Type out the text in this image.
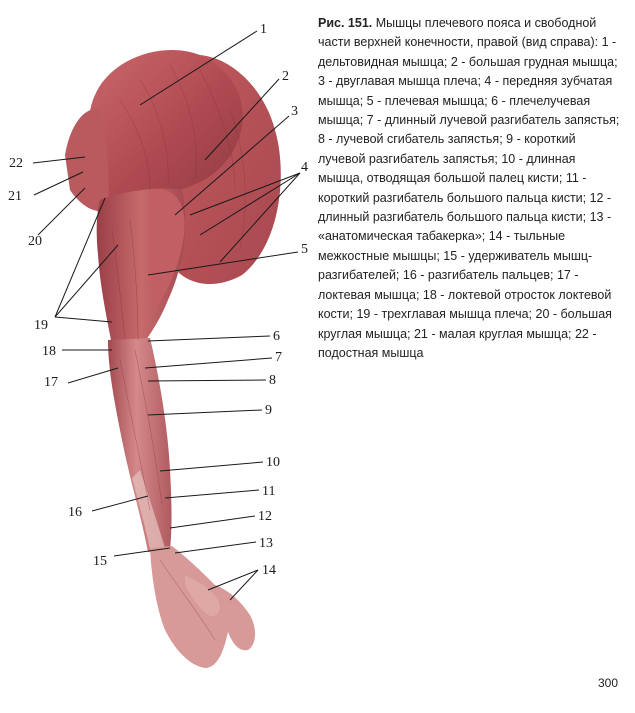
1
2
3
4
5
6
7
8
9
10
11
12
13
14
15
16
17
18
19
20
21
22
Рис. 151. Мышцы плечевого пояса и свободной части верхней конечности, правой (вид справа): 1 - дельтовидная мышца; 2 - большая грудная мышца; 3 - двуглавая мышца плеча; 4 - передняя зубчатая мышца; 5 - плечевая мышца; 6 - плечелучевая мышца; 7 - длинный лучевой разгибатель запястья; 8 - лучевой сгибатель запястья; 9 - короткий лучевой разгибатель запястья; 10 - длинная мышца, отводящая большой палец кисти; 11 - короткий разгибатель большого пальца кисти; 12 - длинный разгибатель большого пальца кисти; 13 - «анатомическая табакерка»; 14 - тыльные межкостные мышцы; 15 - удерживатель мышц-разгибателей; 16 - разгибатель пальцев; 17 - локтевая мышца; 18 - локтевой отросток локтевой кости; 19 - трехглавая мышца плеча; 20 - большая круглая мышца; 21 - малая круглая мышца; 22 - подостная мышца
300
